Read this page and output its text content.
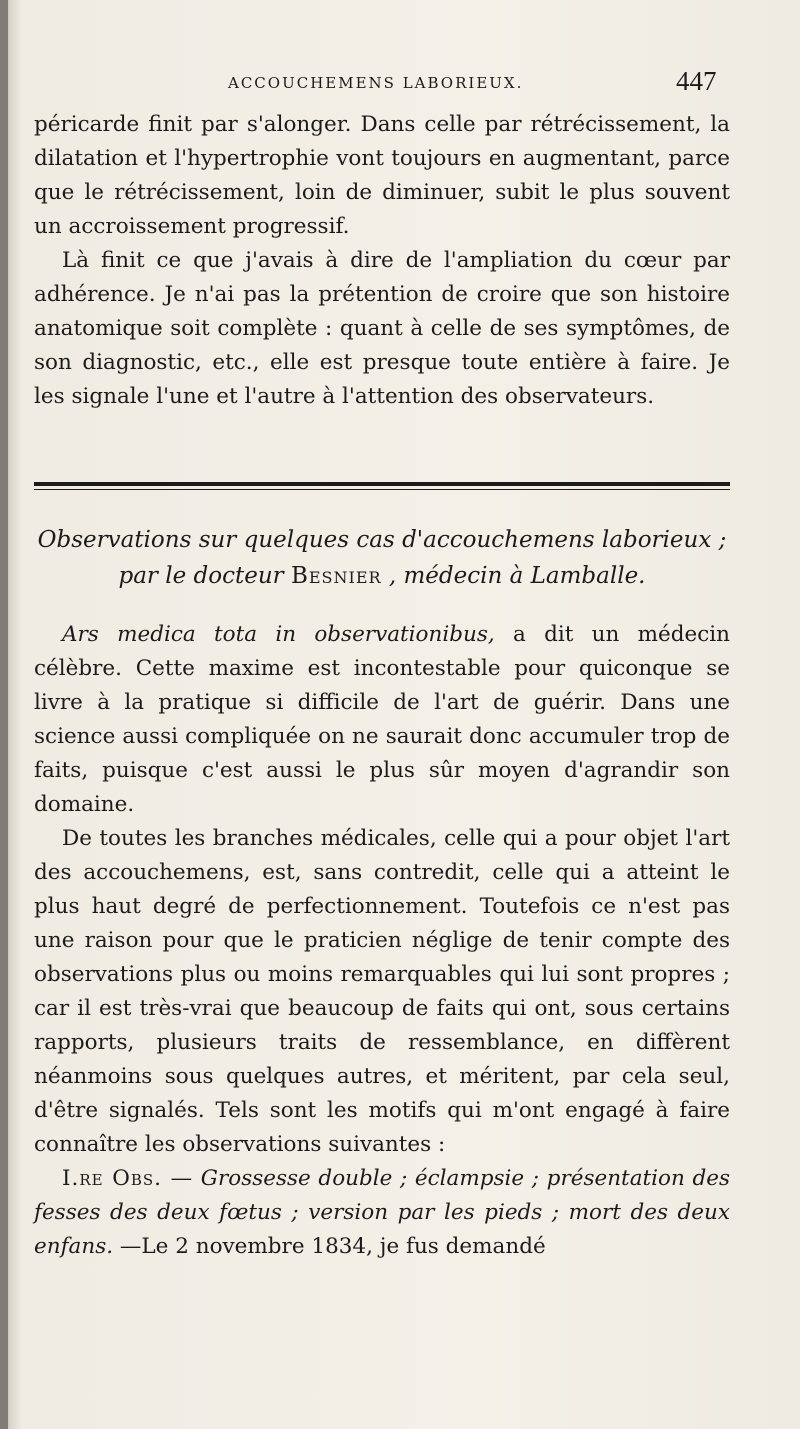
ACCOUCHEMENS LABORIEUX.	447

péricarde finit par s'alonger. Dans celle par rétrécissement, la dilatation et l'hypertrophie vont toujours en augmentant, parce que le rétrécissement, loin de diminuer, subit le plus souvent un accroissement progressif.

Là finit ce que j'avais à dire de l'ampliation du cœur par adhérence. Je n'ai pas la prétention de croire que son histoire anatomique soit complète : quant à celle de ses symptômes, de son diagnostic, etc., elle est presque toute entière à faire. Je les signale l'une et l'autre à l'attention des observateurs.

Observations sur quelques cas d'accouchemens laborieux ;
par le docteur Besnier , médecin à Lamballe.

Ars medica tota in observationibus, a dit un médecin célèbre. Cette maxime est incontestable pour quiconque se livre à la pratique si difficile de l'art de guérir. Dans une science aussi compliquée on ne saurait donc accumuler trop de faits, puisque c'est aussi le plus sûr moyen d'agrandir son domaine.

De toutes les branches médicales, celle qui a pour objet l'art des accouchemens, est, sans contredit, celle qui a atteint le plus haut degré de perfectionnement. Toutefois ce n'est pas une raison pour que le praticien néglige de tenir compte des observations plus ou moins remarquables qui lui sont propres ; car il est très-vrai que beaucoup de faits qui ont, sous certains rapports, plusieurs traits de ressemblance, en diffèrent néanmoins sous quelques autres, et méritent, par cela seul, d'être signalés. Tels sont les motifs qui m'ont engagé à faire connaître les observations suivantes :

I.re Obs. — Grossesse double ; éclampsie ; présentation des fesses des deux fœtus ; version par les pieds ; mort des deux enfans. —Le 2 novembre 1834, je fus demandé
